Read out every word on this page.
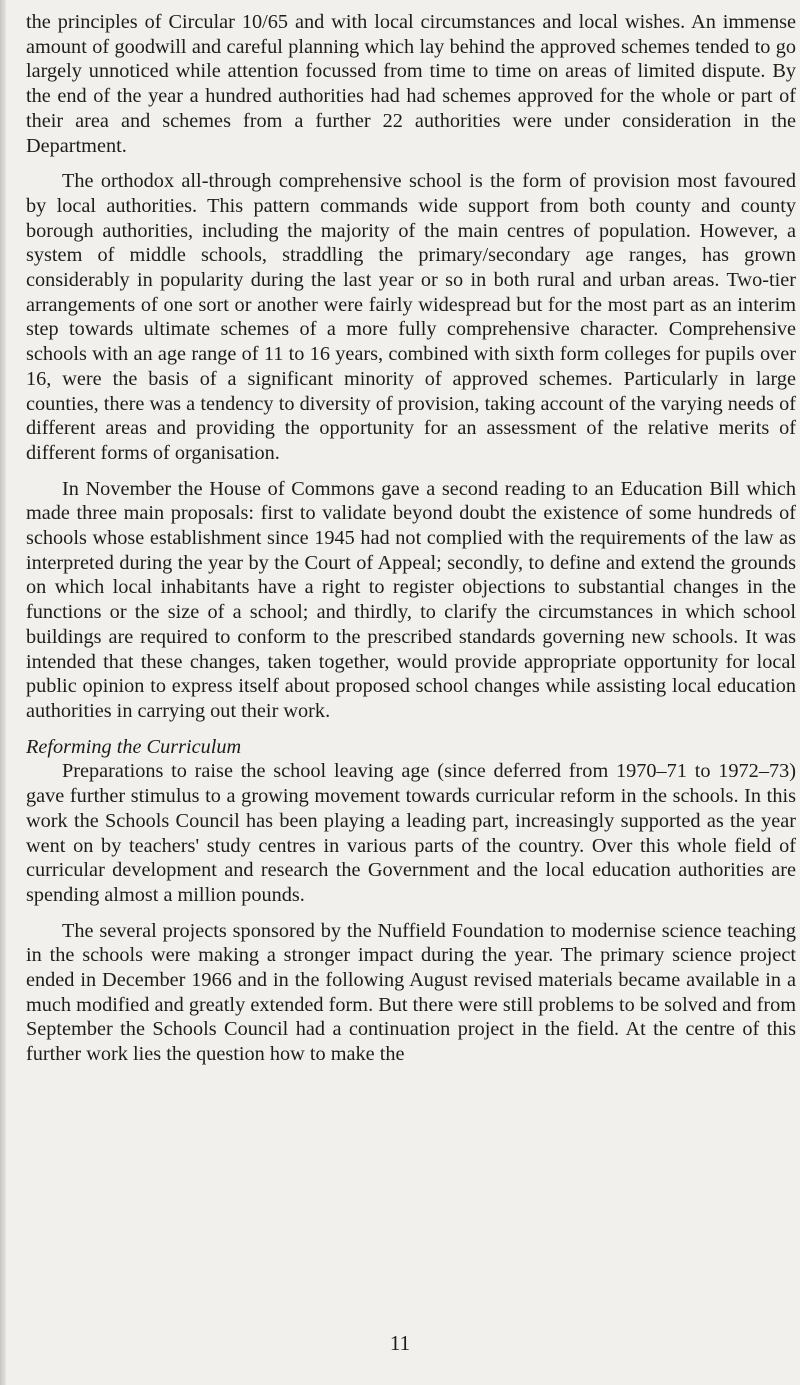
the principles of Circular 10/65 and with local circumstances and local wishes. An immense amount of goodwill and careful planning which lay behind the approved schemes tended to go largely unnoticed while attention focussed from time to time on areas of limited dispute. By the end of the year a hundred authorities had had schemes approved for the whole or part of their area and schemes from a further 22 authorities were under consideration in the Department.

The orthodox all-through comprehensive school is the form of provision most favoured by local authorities. This pattern commands wide support from both county and county borough authorities, including the majority of the main centres of population. However, a system of middle schools, straddling the primary/secondary age ranges, has grown considerably in popularity during the last year or so in both rural and urban areas. Two-tier arrangements of one sort or another were fairly widespread but for the most part as an interim step towards ultimate schemes of a more fully comprehensive character. Comprehensive schools with an age range of 11 to 16 years, combined with sixth form colleges for pupils over 16, were the basis of a significant minority of approved schemes. Particularly in large counties, there was a tendency to diversity of provision, taking account of the varying needs of different areas and providing the opportunity for an assessment of the relative merits of different forms of organisation.

In November the House of Commons gave a second reading to an Education Bill which made three main proposals: first to validate beyond doubt the existence of some hundreds of schools whose establishment since 1945 had not complied with the requirements of the law as interpreted during the year by the Court of Appeal; secondly, to define and extend the grounds on which local inhabitants have a right to register objections to substantial changes in the functions or the size of a school; and thirdly, to clarify the circumstances in which school buildings are required to conform to the prescribed standards governing new schools. It was intended that these changes, taken together, would provide appropriate opportunity for local public opinion to express itself about proposed school changes while assisting local education authorities in carrying out their work.

Reforming the Curriculum

Preparations to raise the school leaving age (since deferred from 1970–71 to 1972–73) gave further stimulus to a growing movement towards curricular reform in the schools. In this work the Schools Council has been playing a leading part, increasingly supported as the year went on by teachers' study centres in various parts of the country. Over this whole field of curricular development and research the Government and the local education authorities are spending almost a million pounds.

The several projects sponsored by the Nuffield Foundation to modernise science teaching in the schools were making a stronger impact during the year. The primary science project ended in December 1966 and in the following August revised materials became available in a much modified and greatly extended form. But there were still problems to be solved and from September the Schools Council had a continuation project in the field. At the centre of this further work lies the question how to make the

11
